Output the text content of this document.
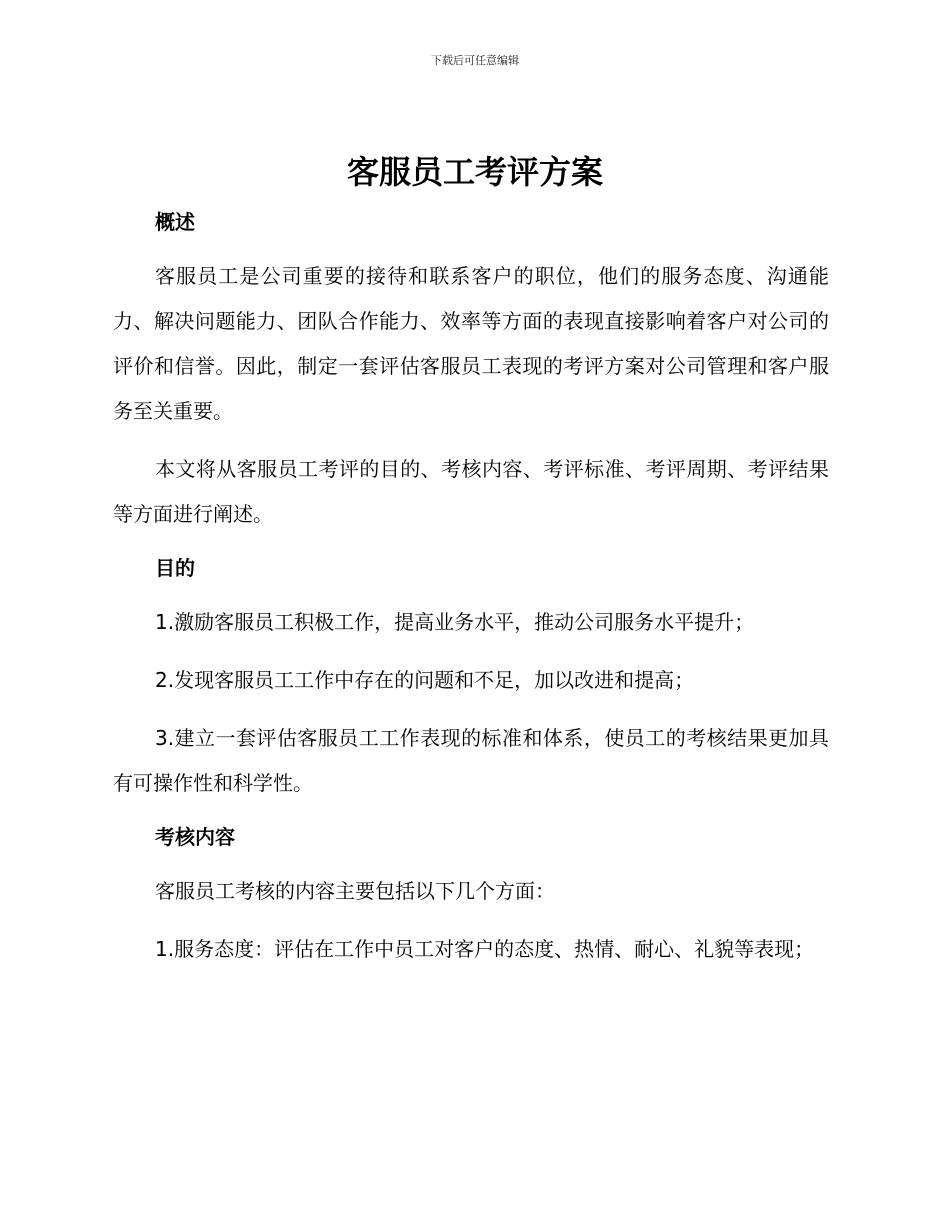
下载后可任意编辑
客服员工考评方案

概述

客服员工是公司重要的接待和联系客户的职位，他们的服务态度、沟通能力、解决问题能力、团队合作能力、效率等方面的表现直接影响着客户对公司的评价和信誉。因此，制定一套评估客服员工表现的考评方案对公司管理和客户服务至关重要。

本文将从客服员工考评的目的、考核内容、考评标准、考评周期、考评结果等方面进行阐述。

目的

1.激励客服员工积极工作，提高业务水平，推动公司服务水平提升；

2.发现客服员工工作中存在的问题和不足，加以改进和提高；

3.建立一套评估客服员工工作表现的标准和体系，使员工的考核结果更加具有可操作性和科学性。

考核内容

客服员工考核的内容主要包括以下几个方面：

1.服务态度：评估在工作中员工对客户的态度、热情、耐心、礼貌等表现；
